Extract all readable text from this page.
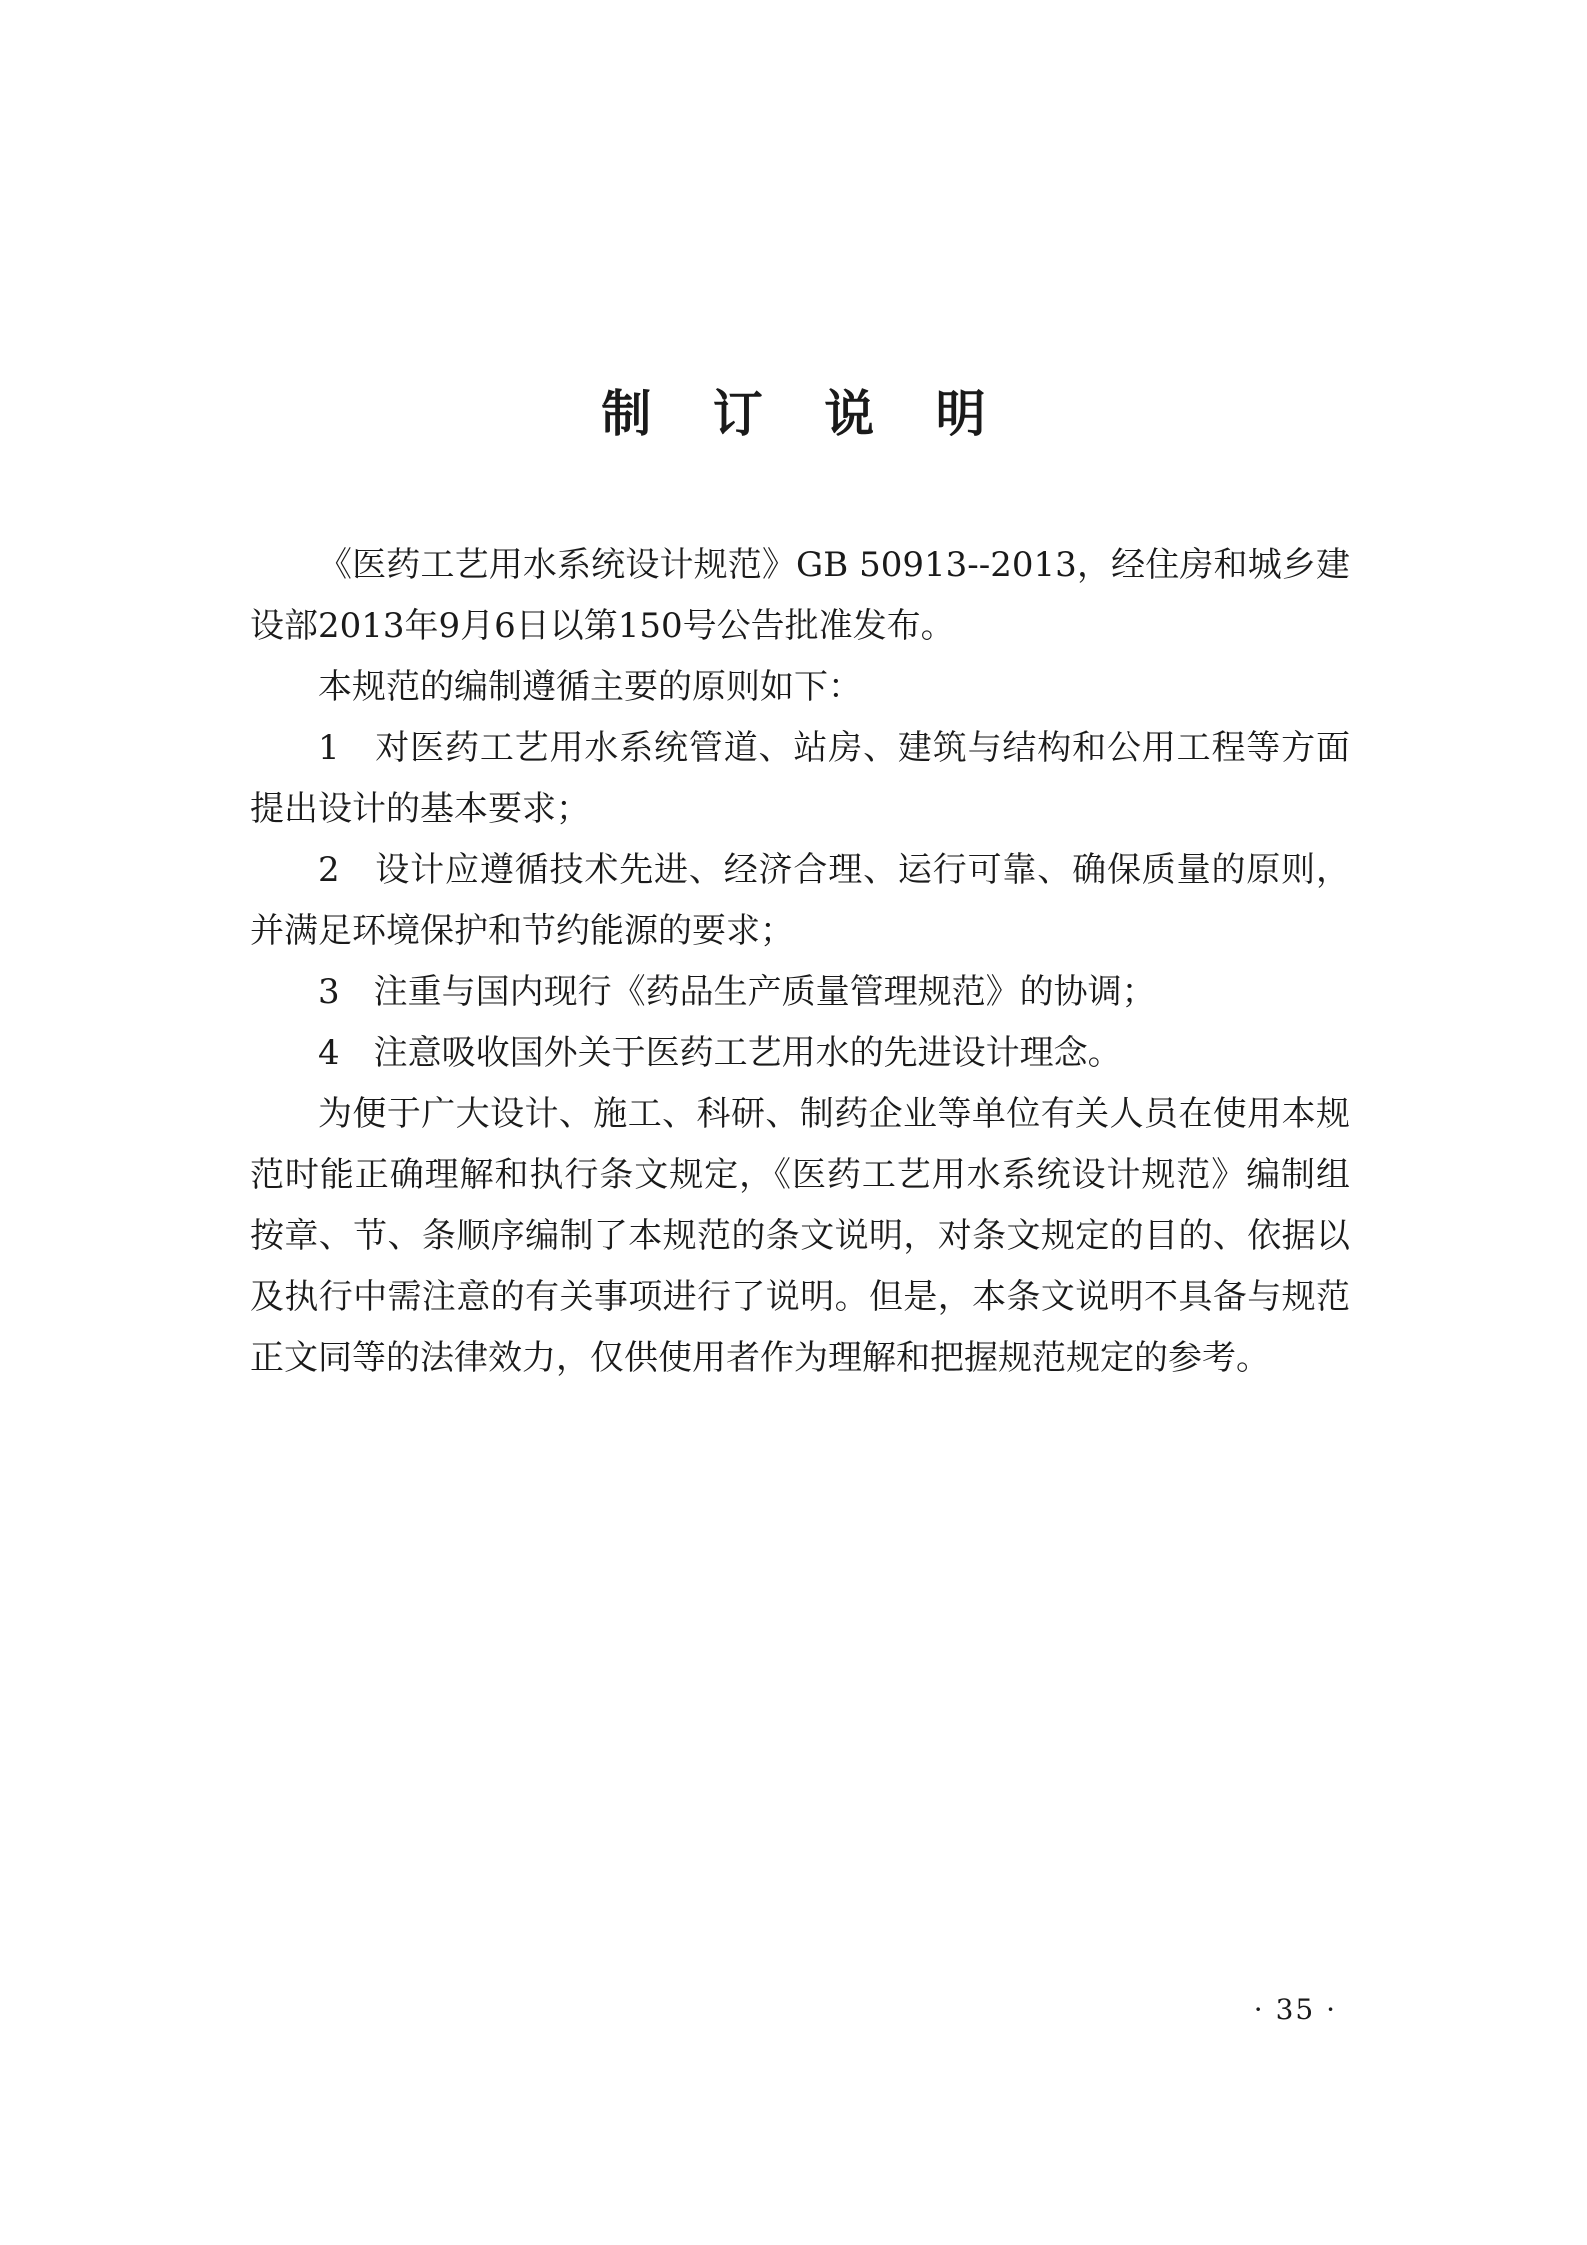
制 订 说 明

《医药工艺用水系统设计规范》GB 50913--2013，经住房和城乡建设部2013年9月6日以第150号公告批准发布。

本规范的编制遵循主要的原则如下：

1　对医药工艺用水系统管道、站房、建筑与结构和公用工程等方面提出设计的基本要求；

2　设计应遵循技术先进、经济合理、运行可靠、确保质量的原则，并满足环境保护和节约能源的要求；

3　注重与国内现行《药品生产质量管理规范》的协调；

4　注意吸收国外关于医药工艺用水的先进设计理念。

为便于广大设计、施工、科研、制药企业等单位有关人员在使用本规范时能正确理解和执行条文规定，《医药工艺用水系统设计规范》编制组按章、节、条顺序编制了本规范的条文说明，对条文规定的目的、依据以及执行中需注意的有关事项进行了说明。但是，本条文说明不具备与规范正文同等的法律效力，仅供使用者作为理解和把握规范规定的参考。

· 35 ·
